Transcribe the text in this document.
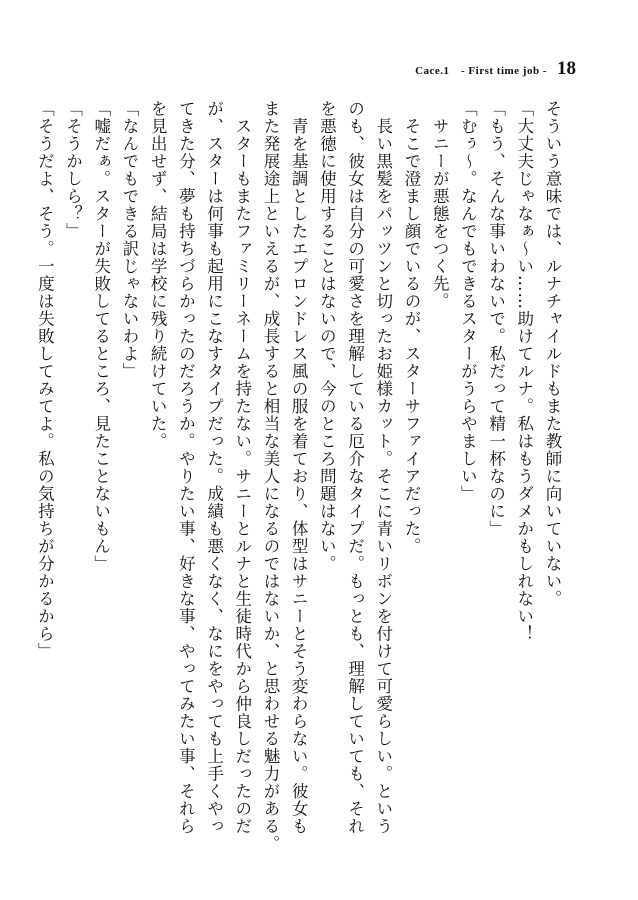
Cace.1　- First time job - 18

そういう意味では、ルナチャイルドもまた教師に向いていない。

「大丈夫じゃなぁ〜い……助けてルナ。私はもうダメかもしれない！

「もう、そんな事いわないで。私だって精一杯なのに」

「むぅ〜。なんでもできるスターがうらやましい」

　サニーが悪態をつく先。

　そこで澄まし顔でいるのが、スターサファイアだった。

　長い黒髪をパッツンと切ったお姫様カット。そこに青いリボンを付けて可愛らしい。という

のも、彼女は自分の可愛さを理解している厄介なタイプだ。もっとも、理解していても、それ

を悪徳に使用することはないので、今のところ問題はない。

　青を基調としたエプロンドレス風の服を着ており、体型はサニーとそう変わらない。彼女も

また発展途上といえるが、成長すると相当な美人になるのではないか、と思わせる魅力がある。

　スターもまたファミリーネームを持たない。サニーとルナと生徒時代から仲良しだったのだ

が、スターは何事も起用にこなすタイプだった。成績も悪くなく、なにをやっても上手くやっ

てきた分、夢も持ちづらかったのだろうか。やりたい事、好きな事、やってみたい事、それら

を見出せず、結局は学校に残り続けていた。

「なんでもできる訳じゃないわよ」

「嘘だぁ。スターが失敗してるところ、見たことないもん」

「そうかしら？」

「そうだよ、そう。一度は失敗してみてよ。私の気持ちが分かるから」
